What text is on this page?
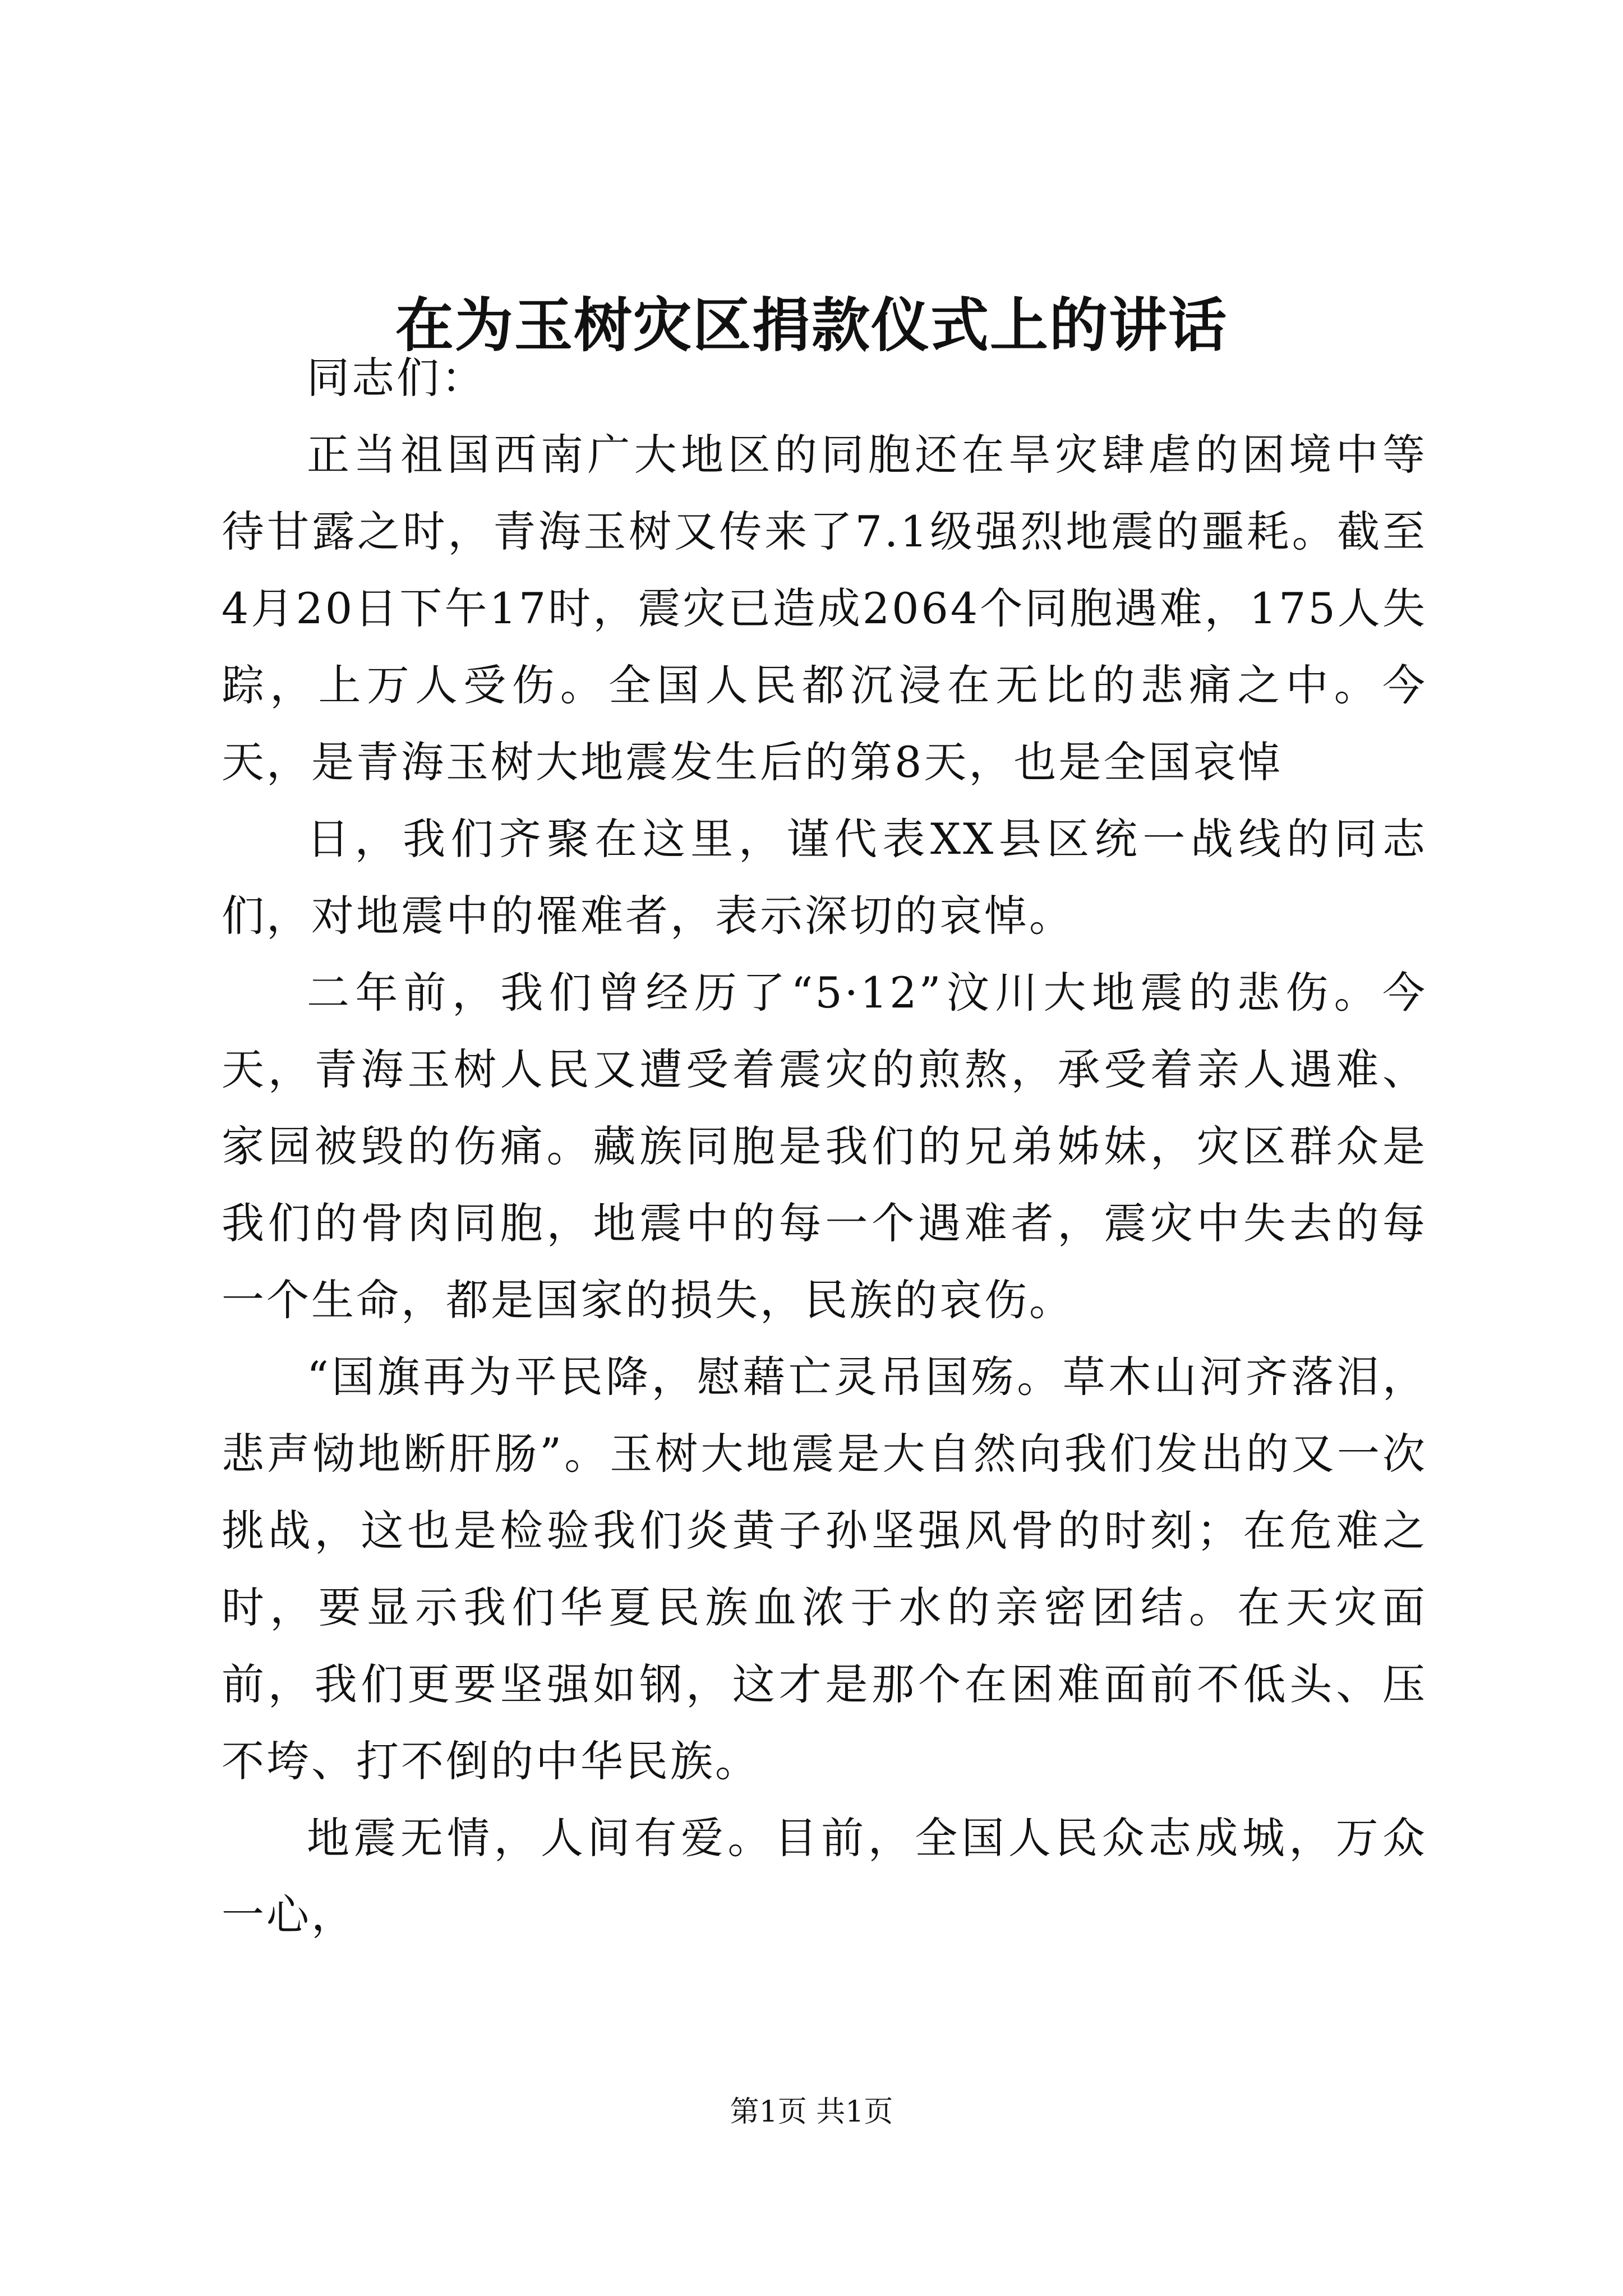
在为玉树灾区捐款仪式上的讲话

同志们：

正当祖国西南广大地区的同胞还在旱灾肆虐的困境中等待甘露之时，青海玉树又传来了7.1级强烈地震的噩耗。截至4月20日下午17时，震灾已造成2064个同胞遇难，175人失踪，上万人受伤。全国人民都沉浸在无比的悲痛之中。今天，是青海玉树大地震发生后的第8天，也是全国哀悼

日，我们齐聚在这里，谨代表XX县区统一战线的同志们，对地震中的罹难者，表示深切的哀悼。

二年前，我们曾经历了“5·12”汶川大地震的悲伤。今天，青海玉树人民又遭受着震灾的煎熬，承受着亲人遇难、家园被毁的伤痛。藏族同胞是我们的兄弟姊妹，灾区群众是我们的骨肉同胞，地震中的每一个遇难者，震灾中失去的每一个生命，都是国家的损失，民族的哀伤。

“国旗再为平民降，慰藉亡灵吊国殇。草木山河齐落泪，悲声恸地断肝肠”。玉树大地震是大自然向我们发出的又一次挑战，这也是检验我们炎黄子孙坚强风骨的时刻；在危难之时，要显示我们华夏民族血浓于水的亲密团结。在天灾面前，我们更要坚强如钢，这才是那个在困难面前不低头、压不垮、打不倒的中华民族。

地震无情，人间有爱。目前，全国人民众志成城，万众一心，

第1页 共1页
